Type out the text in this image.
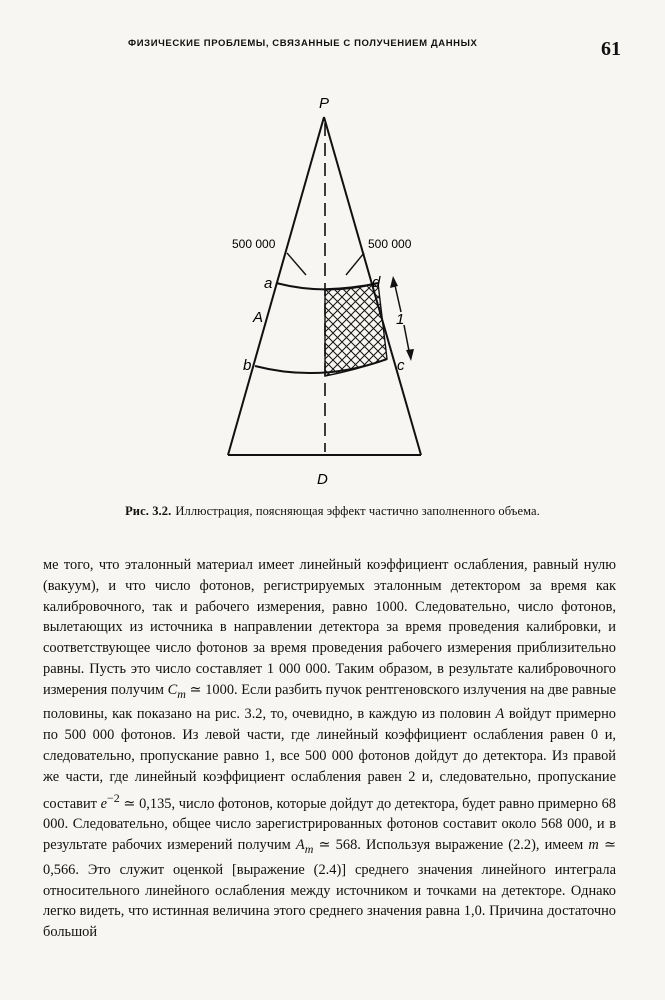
ФИЗИЧЕСКИЕ ПРОБЛЕМЫ, СВЯЗАННЫЕ С ПОЛУЧЕНИЕМ ДАННЫХ	61
P
D
A
a
b	c
d
1
500 000	500 000
Рис. 3.2. Иллюстрация, поясняющая эффект частично заполненного объема.

ме того, что эталонный материал имеет линейный коэффициент ослабления, равный нулю (вакуум), и что число фотонов, регистрируемых эталонным детектором за время как калибровочного, так и рабочего измерения, равно 1000. Следовательно, число фотонов, вылетающих из источника в направлении детектора за время проведения калибровки, и соответствующее число фотонов за время проведения рабочего измерения приблизительно равны. Пусть это число составляет 1 000 000. Таким образом, в результате калибровочного измерения получим $C_m$ ≃ 1000. Если разбить пучок рентгеновского излучения на две равные половины, как показано на рис. 3.2, то, очевидно, в каждую из половин A войдут примерно по 500 000 фотонов. Из левой части, где линейный коэффициент ослабления равен 0 и, следовательно, пропускание равно 1, все 500 000 фотонов дойдут до детектора. Из правой же части, где линейный коэффициент ослабления равен 2 и, следовательно, пропускание составит $e^{-2}$ ≃ 0,135, число фотонов, которые дойдут до детектора, будет равно примерно 68 000. Следовательно, общее число зарегистрированных фотонов составит около 568 000, и в результате рабочих измерений получим $A_m$ ≃ 568. Используя выражение (2.2), имеем m ≃ 0,566. Это служит оценкой [выражение (2.4)] среднего значения линейного интеграла относительного линейного ослабления между источником и точками на детекторе. Однако легко видеть, что истинная величина этого среднего значения равна 1,0. Причина достаточно большой
